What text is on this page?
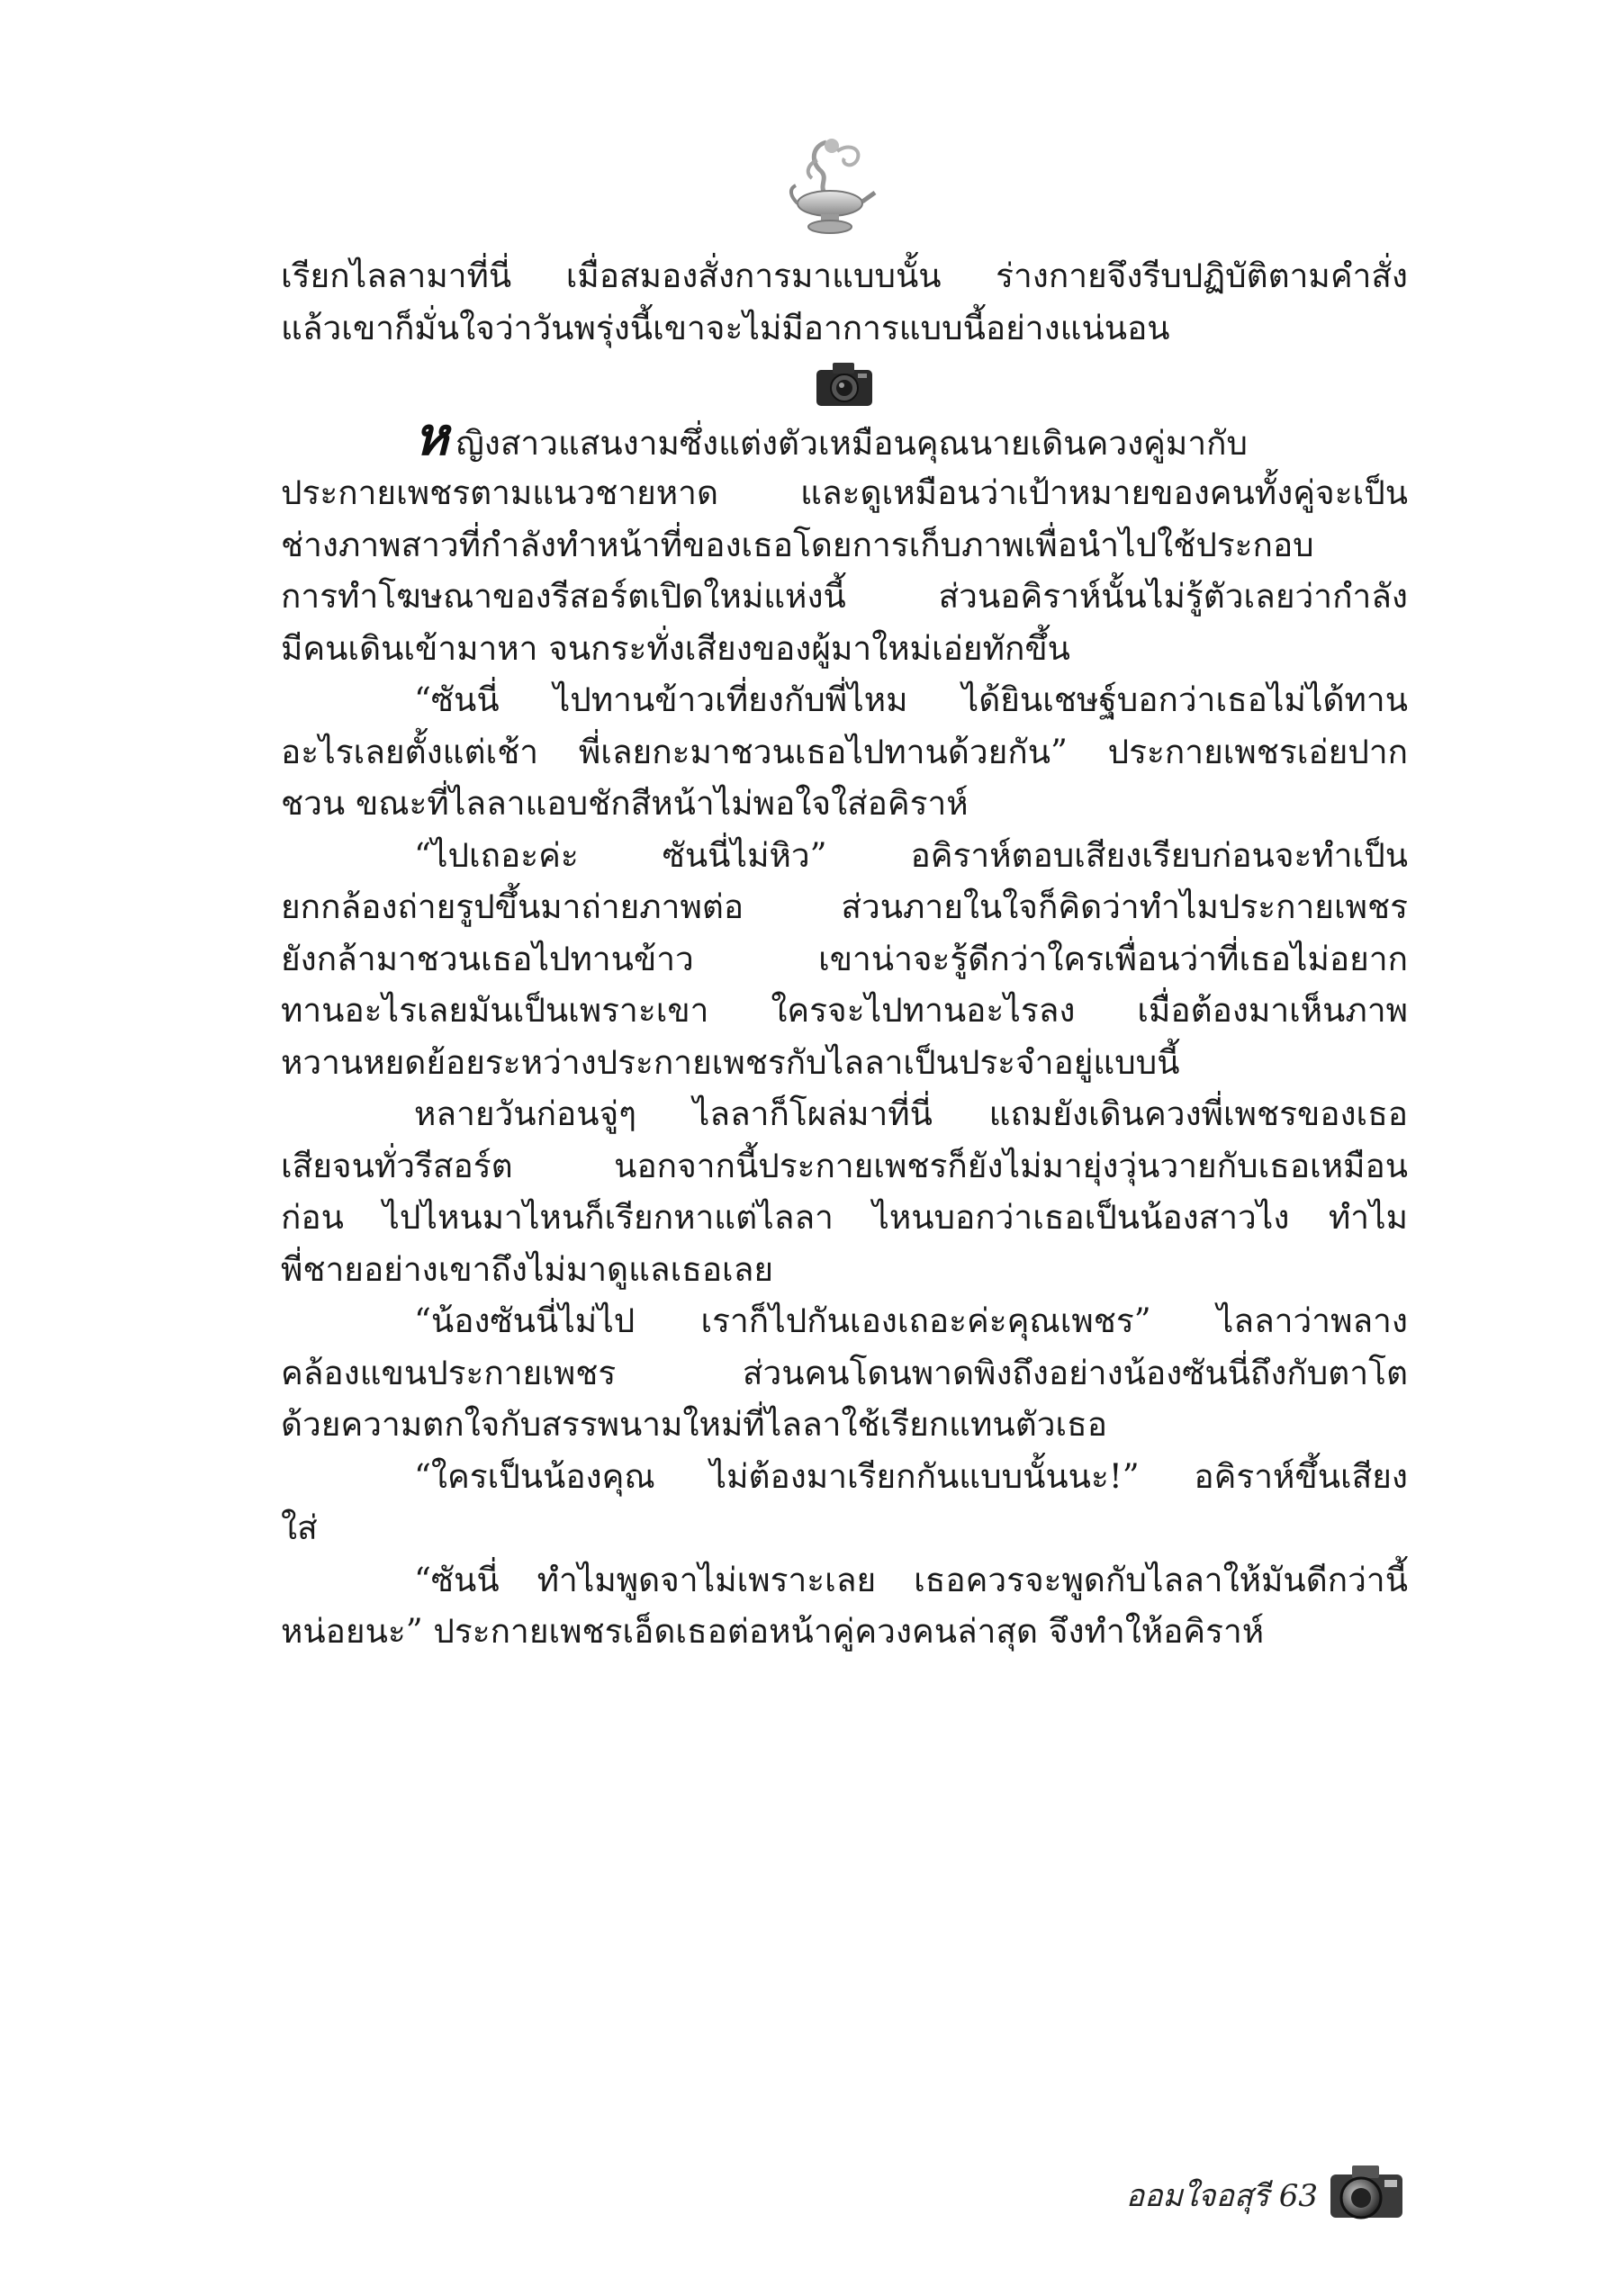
เรียกไลลามาที่นี่ เมื่อสมองสั่งการมาแบบนั้น ร่างกายจึงรีบปฏิบัติตามคำสั่ง
แล้วเขาก็มั่นใจว่าวันพรุ่งนี้เขาจะไม่มีอาการแบบนี้อย่างแน่นอน
หญิงสาวแสนงามซึ่งแต่งตัวเหมือนคุณนายเดินควงคู่มากับ
ประกายเพชรตามแนวชายหาด และดูเหมือนว่าเป้าหมายของคนทั้งคู่จะเป็น
ช่างภาพสาวที่กำลังทำหน้าที่ของเธอโดยการเก็บภาพเพื่อนำไปใช้ประกอบ
การทำโฆษณาของรีสอร์ตเปิดใหม่แห่งนี้ ส่วนอคิราห์นั้นไม่รู้ตัวเลยว่ากำลัง
มีคนเดินเข้ามาหา จนกระทั่งเสียงของผู้มาใหม่เอ่ยทักขึ้น
“ซันนี่ ไปทานข้าวเที่ยงกับพี่ไหม ได้ยินเชษฐ์บอกว่าเธอไม่ได้ทาน
อะไรเลยตั้งแต่เช้า พี่เลยกะมาชวนเธอไปทานด้วยกัน” ประกายเพชรเอ่ยปาก
ชวน ขณะที่ไลลาแอบชักสีหน้าไม่พอใจใส่อคิราห์
“ไปเถอะค่ะ ซันนี่ไม่หิว” อคิราห์ตอบเสียงเรียบก่อนจะทำเป็น
ยกกล้องถ่ายรูปขึ้นมาถ่ายภาพต่อ ส่วนภายในใจก็คิดว่าทำไมประกายเพชร
ยังกล้ามาชวนเธอไปทานข้าว เขาน่าจะรู้ดีกว่าใครเพื่อนว่าที่เธอไม่อยาก
ทานอะไรเลยมันเป็นเพราะเขา ใครจะไปทานอะไรลง เมื่อต้องมาเห็นภาพ
หวานหยดย้อยระหว่างประกายเพชรกับไลลาเป็นประจำอยู่แบบนี้
หลายวันก่อนจู่ๆ ไลลาก็โผล่มาที่นี่ แถมยังเดินควงพี่เพชรของเธอ
เสียจนทั่วรีสอร์ต นอกจากนี้ประกายเพชรก็ยังไม่มายุ่งวุ่นวายกับเธอเหมือน
ก่อน ไปไหนมาไหนก็เรียกหาแต่ไลลา ไหนบอกว่าเธอเป็นน้องสาวไง ทำไม
พี่ชายอย่างเขาถึงไม่มาดูแลเธอเลย
“น้องซันนี่ไม่ไป เราก็ไปกันเองเถอะค่ะคุณเพชร” ไลลาว่าพลาง
คล้องแขนประกายเพชร ส่วนคนโดนพาดพิงถึงอย่างน้องซันนี่ถึงกับตาโต
ด้วยความตกใจกับสรรพนามใหม่ที่ไลลาใช้เรียกแทนตัวเธอ
“ใครเป็นน้องคุณ ไม่ต้องมาเรียกกันแบบนั้นนะ!” อคิราห์ขึ้นเสียง
ใส่
“ซันนี่ ทำไมพูดจาไม่เพราะเลย เธอควรจะพูดกับไลลาให้มันดีกว่านี้
หน่อยนะ” ประกายเพชรเอ็ดเธอต่อหน้าคู่ควงคนล่าสุด จึงทำให้อคิราห์
ออมใจอสุรี 63
